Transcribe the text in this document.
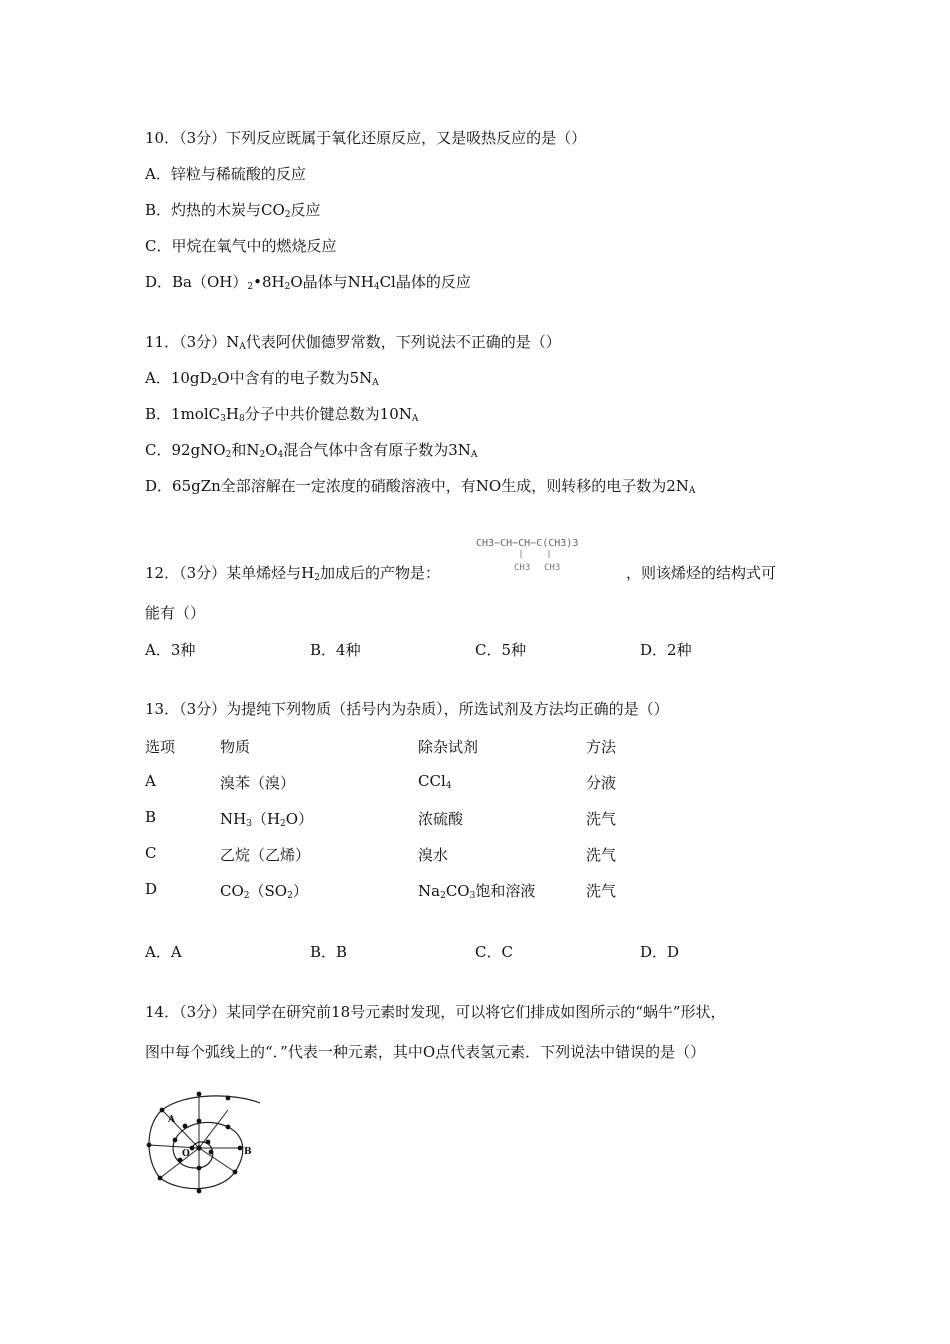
10．（3分）下列反应既属于氧化还原反应，又是吸热反应的是（）
A．锌粒与稀硫酸的反应
B．灼热的木炭与$CO_2$反应
C．甲烷在氧气中的燃烧反应
D．$Ba(OH)_2•8H_2O$晶体与$NH_4Cl$晶体的反应
11．（3分）$N_A$代表阿伏伽德罗常数，下列说法不正确的是（）
A．$10gD_2O$中含有的电子数为$5N_A$
B．$1molC_3H_8$分子中共价键总数为$10N_A$
C．92gNO$_2$和$N_2O_4$混合气体中含有原子数为$3N_A$
D．65gZn全部溶解在一定浓度的硝酸溶液中，有NO生成，则转移的电子数为$2N_A$
CH3−CH−CH−C(CH3)3
CH3 CH3
12．（3分）某单烯烃与$H_2$加成后的产物是：	，则该烯烃的结构式可
能有（）
A．3种	B．4种	C．5种	D．2种
13．（3分）为提纯下列物质（括号内为杂质），所选试剂及方法均正确的是（）
选项	物质	除杂试剂	方法
A	溴苯（溴）	CCl$_4$	分液
B	$NH_3(H_2O)$	浓硫酸	洗气
C	乙烷（乙烯）	溴水	洗气
D	$CO_2(SO_2)$	$Na_2CO_3$饱和溶液	洗气
A．A	B．B	C．C	D．D
14．（3分）某同学在研究前18号元素时发现，可以将它们排成如图所示的“蜗牛”形状，
图中每个弧线上的“．”代表一种元素，其中O点代表氢元素．下列说法中错误的是（）
A
O	B
